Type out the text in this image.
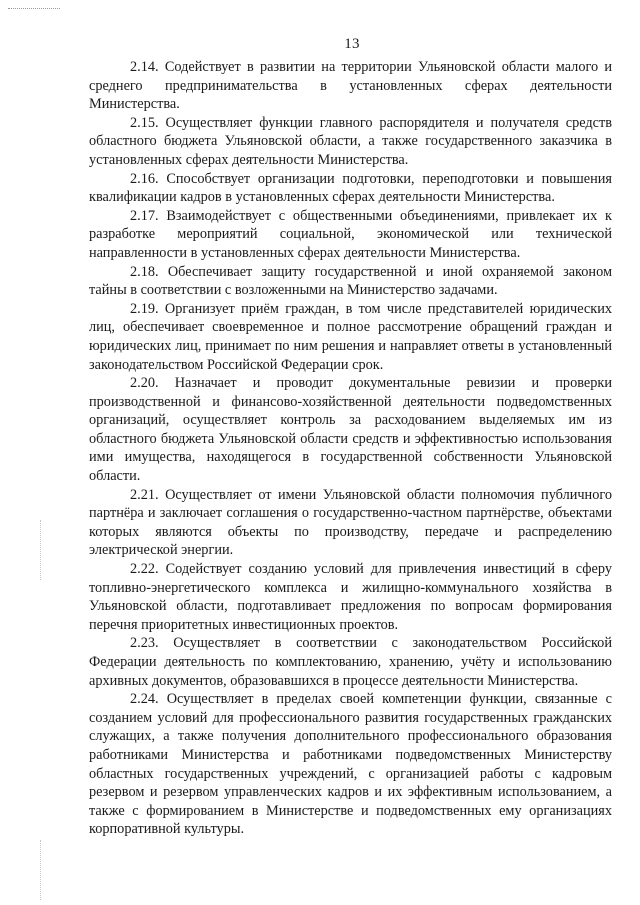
13

2.14. Содействует в развитии на территории Ульяновской области малого и среднего предпринимательства в установленных сферах деятельности Министерства.

2.15. Осуществляет функции главного распорядителя и получателя средств областного бюджета Ульяновской области, а также государственного заказчика в установленных сферах деятельности Министерства.

2.16. Способствует организации подготовки, переподготовки и повышения квалификации кадров в установленных сферах деятельности Министерства.

2.17. Взаимодействует с общественными объединениями, привлекает их к разработке мероприятий социальной, экономической или технической направленности в установленных сферах деятельности Министерства.

2.18. Обеспечивает защиту государственной и иной охраняемой законом тайны в соответствии с возложенными на Министерство задачами.

2.19. Организует приём граждан, в том числе представителей юридических лиц, обеспечивает своевременное и полное рассмотрение обращений граждан и юридических лиц, принимает по ним решения и направляет ответы в установленный законодательством Российской Федерации срок.

2.20. Назначает и проводит документальные ревизии и проверки производственной и финансово-хозяйственной деятельности подведомственных организаций, осуществляет контроль за расходованием выделяемых им из областного бюджета Ульяновской области средств и эффективностью использования ими имущества, находящегося в государственной собственности Ульяновской области.

2.21. Осуществляет от имени Ульяновской области полномочия публичного партнёра и заключает соглашения о государственно-частном партнёрстве, объектами которых являются объекты по производству, передаче и распределению электрической энергии.

2.22. Содействует созданию условий для привлечения инвестиций в сферу топливно-энергетического комплекса и жилищно-коммунального хозяйства в Ульяновской области, подготавливает предложения по вопросам формирования перечня приоритетных инвестиционных проектов.

2.23. Осуществляет в соответствии с законодательством Российской Федерации деятельность по комплектованию, хранению, учёту и использованию архивных документов, образовавшихся в процессе деятельности Министерства.

2.24. Осуществляет в пределах своей компетенции функции, связанные с созданием условий для профессионального развития государственных гражданских служащих, а также получения дополнительного профессионального образования работниками Министерства и работниками подведомственных Министерству областных государственных учреждений, с организацией работы с кадровым резервом и резервом управленческих кадров и их эффективным использованием, а также с формированием в Министерстве и подведомственных ему организациях корпоративной культуры.
